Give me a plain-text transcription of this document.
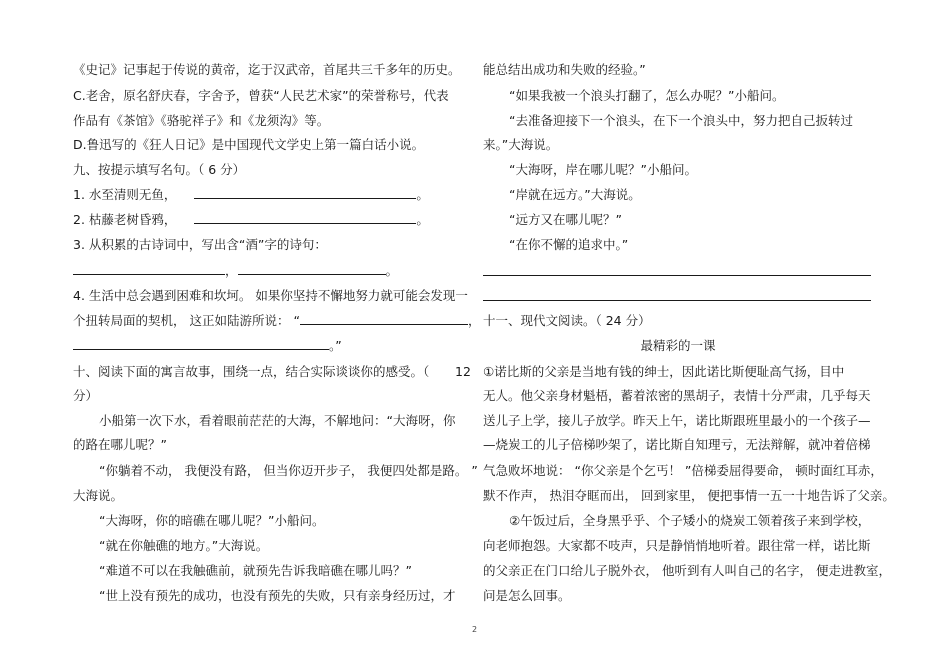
《史记》记事起于传说的黄帝，迄于汉武帝，首尾共三千多年的历史。
C.老舍，原名舒庆春，字舍予，曾获“人民艺术家”的荣誉称号，代表
作品有《茶馆》《骆驼祥子》和《龙须沟》等。
D.鲁迅写的《狂人日记》是中国现代文学史上第一篇白话小说。
九、按提示填写名句。（ 6 分）
1. 水至清则无鱼，	。
2. 枯藤老树昏鸦，	。
3. 从积累的古诗词中，写出含“酒”字的诗句：
，	。
4. 生活中总会遇到困难和坎坷。 如果你坚持不懈地努力就可能会发现一
个扭转局面的契机， 这正如陆游所说： “	，
。”
十、阅读下面的寓言故事，围绕一点，结合实际谈谈你的感受。（ 12
分）
小船第一次下水，看着眼前茫茫的大海，不解地问：“大海呀，你
的路在哪儿呢？”
“你躺着不动， 我便没有路， 但当你迈开步子， 我便四处都是路。 ”
大海说。
“大海呀，你的暗礁在哪儿呢？”小船问。
“就在你触礁的地方。”大海说。
“难道不可以在我触礁前，就预先告诉我暗礁在哪儿吗？”
“世上没有预先的成功，也没有预先的失败，只有亲身经历过，才
能总结出成功和失败的经验。”
“如果我被一个浪头打翻了，怎么办呢？”小船问。
“去准备迎接下一个浪头，在下一个浪头中，努力把自己扳转过
来。”大海说。
“大海呀，岸在哪儿呢？”小船问。
“岸就在远方。”大海说。
“远方又在哪儿呢？”
“在你不懈的追求中。”
十一、现代文阅读。（ 24 分）
最精彩的一课
①诺比斯的父亲是当地有钱的绅士，因此诺比斯便耻高气扬，目中
无人。他父亲身材魁梧，蓄着浓密的黑胡子，表情十分严肃，几乎每天
送儿子上学，接儿子放学。昨天上午，诺比斯跟班里最小的一个孩子—
—烧炭工的儿子倍梯吵架了，诺比斯自知理亏，无法辩解，就冲着倍梯
气急败坏地说： “你父亲是个乞丐！ ”倍梯委屈得要命， 顿时面红耳赤，
默不作声， 热泪夺眶而出， 回到家里， 便把事情一五一十地告诉了父亲。
②午饭过后，全身黑乎乎、个子矮小的烧炭工领着孩子来到学校，
向老师抱怨。大家都不吱声，只是静悄悄地听着。跟往常一样，诺比斯
的父亲正在门口给儿子脱外衣， 他听到有人叫自己的名字， 便走进教室，
问是怎么回事。
2
